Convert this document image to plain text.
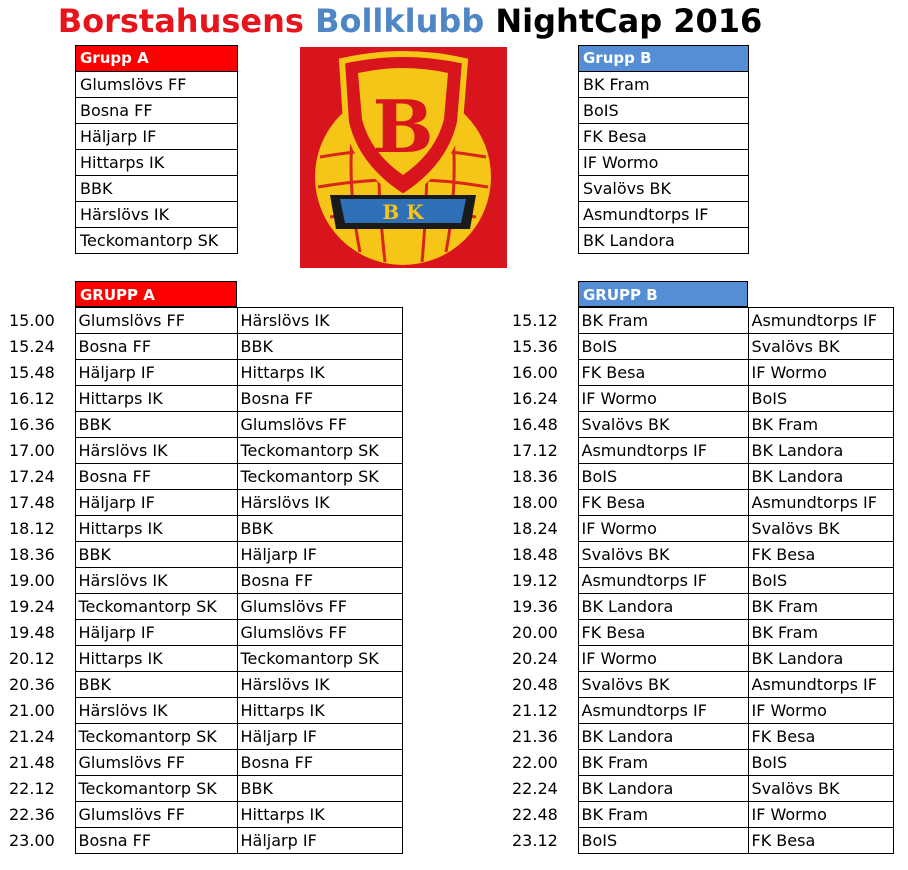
Borstahusens Bollklubb NightCap 2016
Grupp A
Glumslövs FF
Bosna FF
Häljarp IF
Hittarps IK
BBK
Härslövs IK
Teckomantorp SK
Grupp B
BK Fram
BoIS
FK Besa
IF Wormo
Svalövs BK
Asmundtorps IF
BK Landora
B
B K
GRUPP A
15.00	Glumslövs FF	Härslövs IK
15.24	Bosna FF	BBK
15.48	Häljarp IF	Hittarps IK
16.12	Hittarps IK	Bosna FF
16.36	BBK	Glumslövs FF
17.00	Härslövs IK	Teckomantorp SK
17.24	Bosna FF	Teckomantorp SK
17.48	Häljarp IF	Härslövs IK
18.12	Hittarps IK	BBK
18.36	BBK	Häljarp IF
19.00	Härslövs IK	Bosna FF
19.24	Teckomantorp SK	Glumslövs FF
19.48	Häljarp IF	Glumslövs FF
20.12	Hittarps IK	Teckomantorp SK
20.36	BBK	Härslövs IK
21.00	Härslövs IK	Hittarps IK
21.24	Teckomantorp SK	Häljarp IF
21.48	Glumslövs FF	Bosna FF
22.12	Teckomantorp SK	BBK
22.36	Glumslövs FF	Hittarps IK
23.00	Bosna FF	Häljarp IF
GRUPP B
15.12	BK Fram	Asmundtorps IF
15.36	BoIS	Svalövs BK
16.00	FK Besa	IF Wormo
16.24	IF Wormo	BoIS
16.48	Svalövs BK	BK Fram
17.12	Asmundtorps IF	BK Landora
18.36	BoIS	BK Landora
18.00	FK Besa	Asmundtorps IF
18.24	IF Wormo	Svalövs BK
18.48	Svalövs BK	FK Besa
19.12	Asmundtorps IF	BoIS
19.36	BK Landora	BK Fram
20.00	FK Besa	BK Fram
20.24	IF Wormo	BK Landora
20.48	Svalövs BK	Asmundtorps IF
21.12	Asmundtorps IF	IF Wormo
21.36	BK Landora	FK Besa
22.00	BK Fram	BoIS
22.24	BK Landora	Svalövs BK
22.48	BK Fram	IF Wormo
23.12	BoIS	FK Besa
